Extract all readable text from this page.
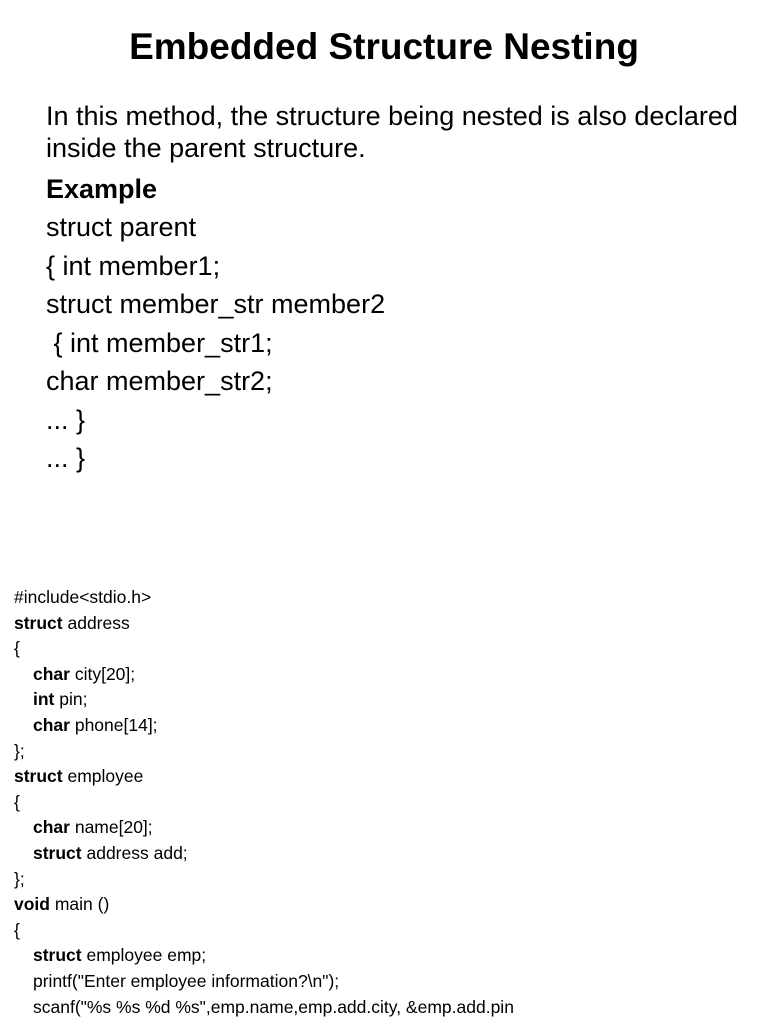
Embedded Structure Nesting

In this method, the structure being nested is also declared inside the parent structure.

Example
struct parent
{ int member1;
struct member_str member2
{ int member_str1;
char member_str2;
... }
... }
#include<stdio.h>
struct address
{
char city[20];
int pin;
char phone[14];
};
struct employee
{
char name[20];
struct address add;
};
void main ()
{
struct employee emp;
printf("Enter employee information?\n");
scanf("%s %s %d %s",emp.name,emp.add.city, &emp.add.pin
